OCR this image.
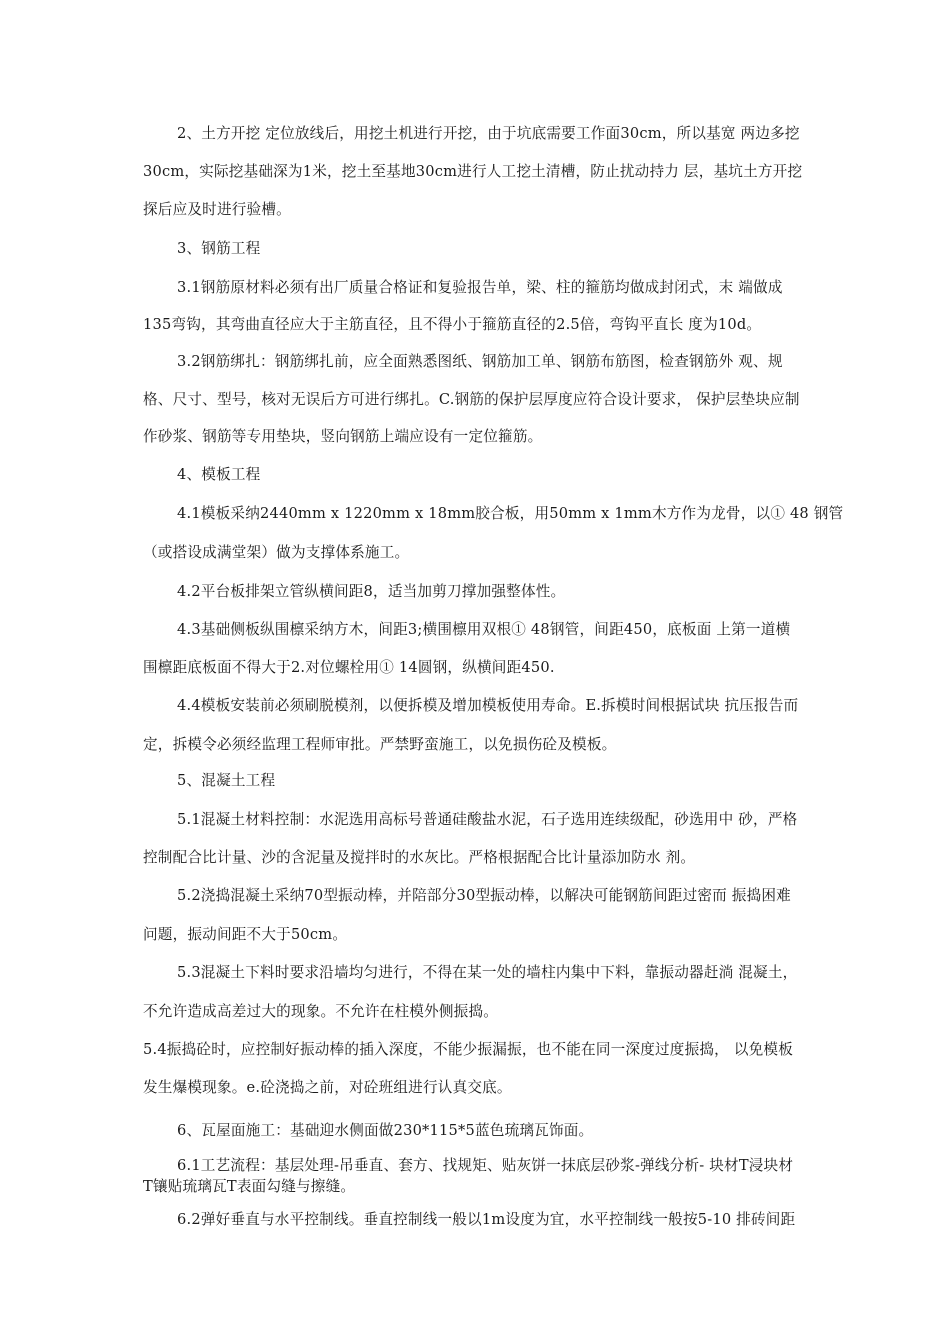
2、土方开挖 定位放线后，用挖土机进行开挖，由于坑底需要工作面30cm，所以基宽 两边多挖
30cm，实际挖基础深为1米，挖土至基地30cm进行人工挖土清槽，防止扰动持力 层，基坑土方开挖
探后应及时进行验槽。
3、钢筋工程
3.1钢筋原材料必须有出厂质量合格证和复验报告单，梁、柱的箍筋均做成封闭式，末 端做成
135弯钩，其弯曲直径应大于主筋直径，且不得小于箍筋直径的2.5倍，弯钩平直长 度为10d。
3.2钢筋绑扎：钢筋绑扎前，应全面熟悉图纸、钢筋加工单、钢筋布筋图，检查钢筋外 观、规
格、尺寸、型号，核对无误后方可进行绑扎。C.钢筋的保护层厚度应符合设计要求， 保护层垫块应制
作砂浆、钢筋等专用垫块，竖向钢筋上端应设有一定位箍筋。
4、模板工程
4.1模板采纳2440mm x 1220mm x 18mm胶合板，用50mm x 1mm木方作为龙骨，以① 48 钢管
（或搭设成满堂架）做为支撑体系施工。
4.2平台板排架立管纵横间距8，适当加剪刀撑加强整体性。
4.3基础侧板纵围檩采纳方木，间距3;横围檩用双根① 48钢管，间距450，底板面 上第一道横
围檩距底板面不得大于2.对位螺栓用① 14圆钢，纵横间距450.
4.4模板安装前必须刷脱模剂，以便拆模及增加模板使用寿命。E.拆模时间根据试块 抗压报告而
定，拆模令必须经监理工程师审批。严禁野蛮施工，以免损伤砼及模板。
5、混凝土工程
5.1混凝土材料控制：水泥选用高标号普通硅酸盐水泥，石子选用连续级配，砂选用中 砂，严格
控制配合比计量、沙的含泥量及搅拌时的水灰比。严格根据配合比计量添加防水 剂。
5.2浇捣混凝土采纳70型振动棒，并陪部分30型振动棒，以解决可能钢筋间距过密而 振捣困难
问题，振动间距不大于50cm。
5.3混凝土下料时要求沿墙均匀进行，不得在某一处的墙柱内集中下料，靠振动器赶淌 混凝土，
不允许造成高差过大的现象。不允许在柱模外侧振捣。
5.4振捣砼时，应控制好振动棒的插入深度，不能少振漏振，也不能在同一深度过度振捣， 以免模板
发生爆模现象。e.砼浇捣之前，对砼班组进行认真交底。
6、瓦屋面施工：基础迎水侧面做230*115*5蓝色琉璃瓦饰面。
6.1工艺流程：基层处理-吊垂直、套方、找规矩、贴灰饼一抹底层砂浆-弹线分析- 块材T浸块材
T镶贴琉璃瓦T表面勾缝与擦缝。
6.2弹好垂直与水平控制线。垂直控制线一般以1m设度为宜，水平控制线一般按5-10 排砖间距
